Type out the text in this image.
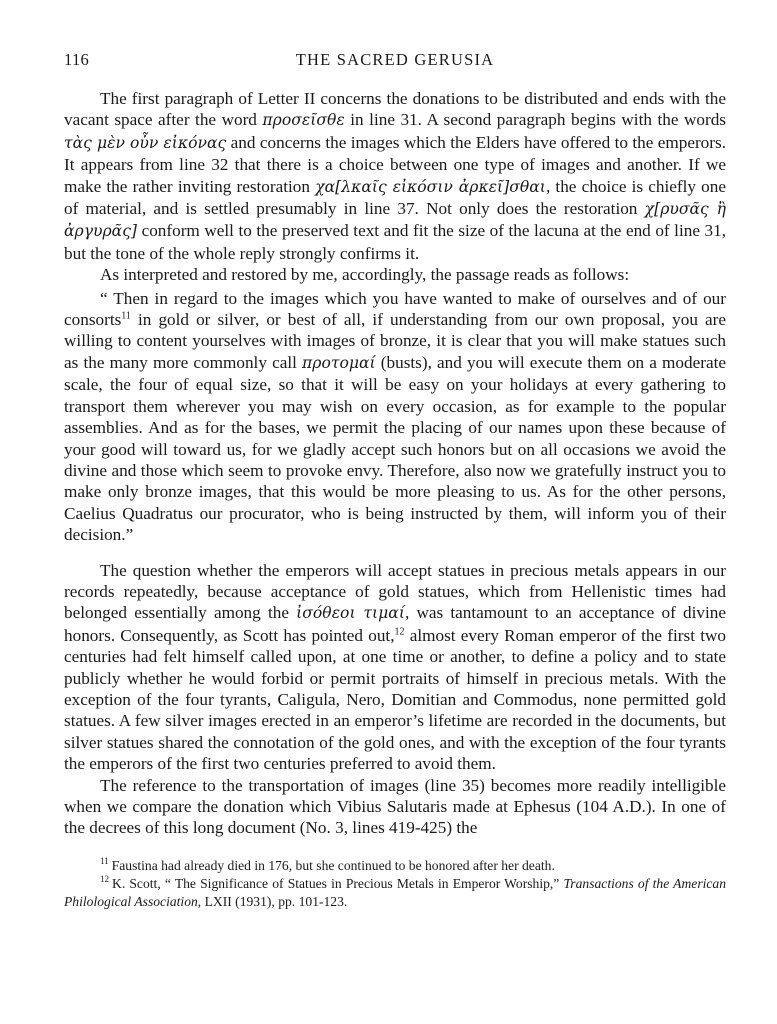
116	THE SACRED GERUSIA

The first paragraph of Letter II concerns the donations to be distributed and ends with the vacant space after the word προσεῖσθε in line 31. A second paragraph begins with the words τὰς μὲν οὖν εἰκόνας and concerns the images which the Elders have offered to the emperors. It appears from line 32 that there is a choice between one type of images and another. If we make the rather inviting restoration χα[λκαῖς εἰκόσιν ἀρκεῖ]σθαι, the choice is chiefly one of material, and is settled presumably in line 37. Not only does the restoration χ[ρυσᾶς ἢ ἀργυρᾶς] conform well to the preserved text and fit the size of the lacuna at the end of line 31, but the tone of the whole reply strongly confirms it.

As interpreted and restored by me, accordingly, the passage reads as follows:

“ Then in regard to the images which you have wanted to make of ourselves and of our consorts$^{11}$ in gold or silver, or best of all, if understanding from our own proposal, you are willing to content yourselves with images of bronze, it is clear that you will make statues such as the many more commonly call προτομαί (busts), and you will execute them on a moderate scale, the four of equal size, so that it will be easy on your holidays at every gathering to transport them wherever you may wish on every occasion, as for example to the popular assemblies. And as for the bases, we permit the placing of our names upon these because of your good will toward us, for we gladly accept such honors but on all occasions we avoid the divine and those which seem to provoke envy. Therefore, also now we gratefully instruct you to make only bronze images, that this would be more pleasing to us. As for the other persons, Caelius Quadratus our procurator, who is being instructed by them, will inform you of their decision.”

The question whether the emperors will accept statues in precious metals appears in our records repeatedly, because acceptance of gold statues, which from Hellenistic times had belonged essentially among the ἰσόθεοι τιμαί, was tantamount to an acceptance of divine honors. Consequently, as Scott has pointed out,$^{12}$ almost every Roman emperor of the first two centuries had felt himself called upon, at one time or another, to define a policy and to state publicly whether he would forbid or permit portraits of himself in precious metals. With the exception of the four tyrants, Caligula, Nero, Domitian and Commodus, none permitted gold statues. A few silver images erected in an emperor’s lifetime are recorded in the documents, but silver statues shared the connotation of the gold ones, and with the exception of the four tyrants the emperors of the first two centuries preferred to avoid them.

The reference to the transportation of images (line 35) becomes more readily intelligible when we compare the donation which Vibius Salutaris made at Ephesus (104 A.D.). In one of the decrees of this long document (No. 3, lines 419-425) the

$^{11}$ Faustina had already died in 176, but she continued to be honored after her death.

$^{12}$ K. Scott, “ The Significance of Statues in Precious Metals in Emperor Worship,” Transactions of the American Philological Association, LXII (1931), pp. 101-123.
